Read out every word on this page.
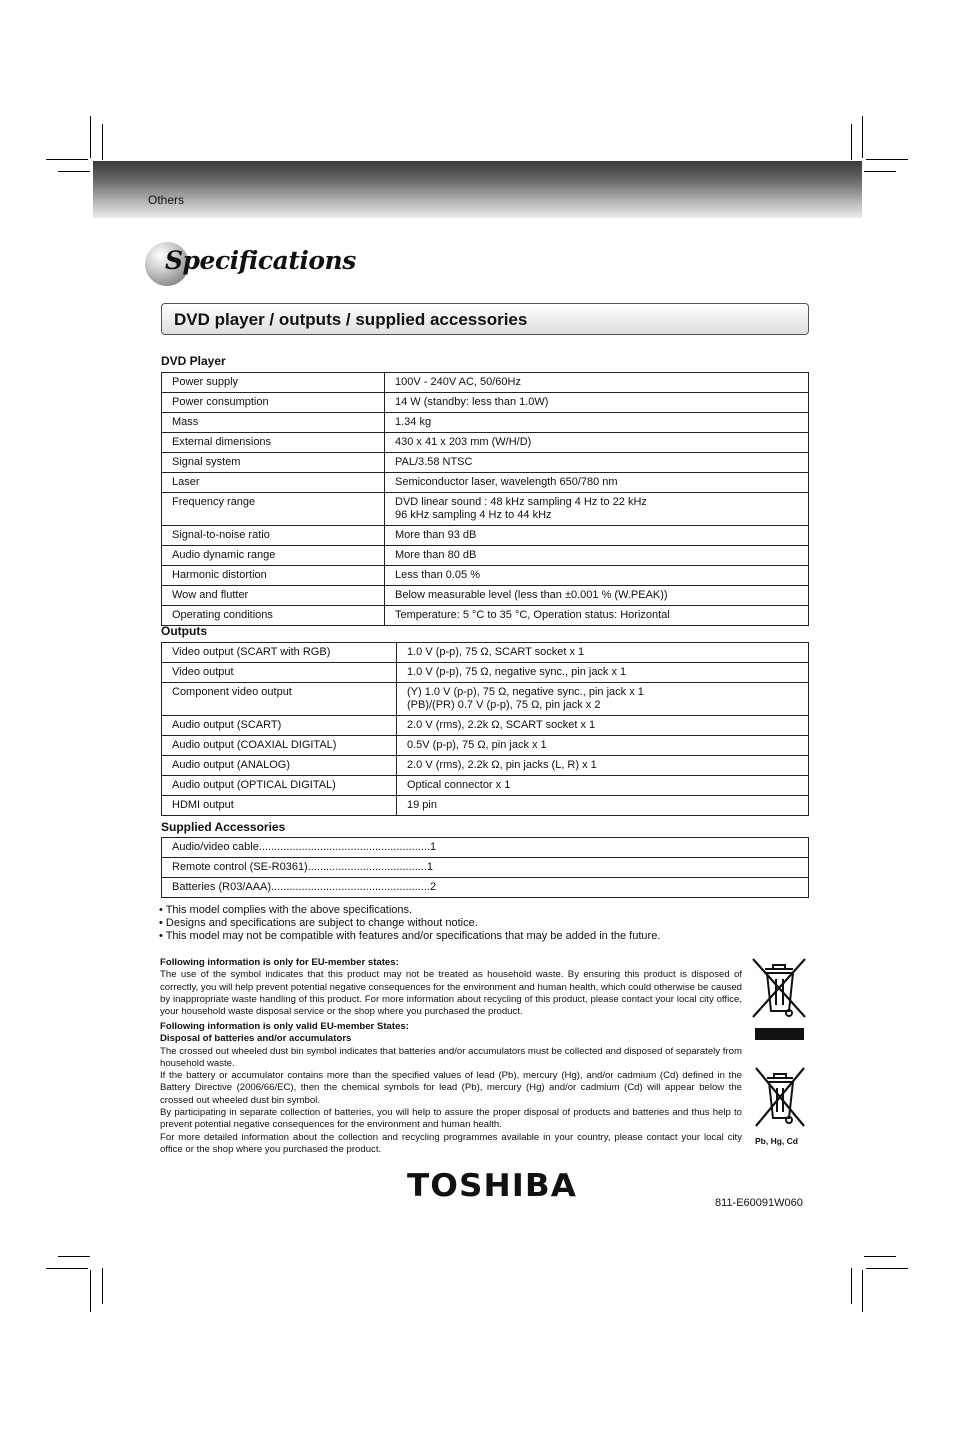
Others
Specifications
DVD player / outputs / supplied accessories
DVD Player
Power supply	100V - 240V AC, 50/60Hz

Power consumption	14 W (standby: less than 1.0W)

Mass	1.34 kg

External dimensions	430 x 41 x 203 mm (W/H/D)

Signal system	PAL/3.58 NTSC

Laser	Semiconductor laser, wavelength 650/780 nm

Frequency range	DVD linear sound : 48 kHz sampling 4 Hz to 22 kHz
96 kHz sampling 4 Hz to 44 kHz

Signal-to-noise ratio	More than 93 dB

Audio dynamic range	More than 80 dB

Harmonic distortion	Less than 0.05 %

Wow and flutter	Below measurable level (less than ±0.001 % (W.PEAK))

Operating conditions	Temperature: 5 °C to 35 °C, Operation status: Horizontal
Outputs
Video output (SCART with RGB)	1.0 V (p-p), 75 Ω, SCART socket x 1

Video output	1.0 V (p-p), 75 Ω, negative sync., pin jack x 1

Component video output	(Y) 1.0 V (p-p), 75 Ω, negative sync., pin jack x 1
(PB)/(PR) 0.7 V (p-p), 75 Ω, pin jack x 2

Audio output (SCART)	2.0 V (rms), 2.2k Ω, SCART socket x 1

Audio output (COAXIAL DIGITAL)	0.5V (p-p), 75 Ω, pin jack x 1

Audio output (ANALOG)	2.0 V (rms), 2.2k Ω, pin jacks (L, R) x 1

Audio output (OPTICAL DIGITAL)	Optical connector x 1

HDMI output	19 pin
Supplied Accessories
Audio/video cable........................................................1
Remote control (SE-R0361).......................................1
Batteries (R03/AAA)....................................................2
• This model complies with the above specifications.
• Designs and specifications are subject to change without notice.
• This model may not be compatible with features and/or specifications that may be added in the future.
Following information is only for EU-member states:
The use of the symbol indicates that this product may not be treated as household waste. By ensuring this product is disposed of correctly, you will help prevent potential negative consequences for the environment and human health, which could otherwise be caused by inappropriate waste handling of this product. For more information about recycling of this product, please contact your local city office, your household waste disposal service or the shop where you purchased the product.
Following information is only valid EU-member States:
Disposal of batteries and/or accumulators
The crossed out wheeled dust bin symbol indicates that batteries and/or accumulators must be collected and disposed of separately from household waste.
If the battery or accumulator contains more than the specified values of lead (Pb), mercury (Hg), and/or cadmium (Cd) defined in the Battery Directive (2006/66/EC), then the chemical symbols for lead (Pb), mercury (Hg) and/or cadmium (Cd) will appear below the crossed out wheeled dust bin symbol.
By participating in separate collection of batteries, you will help to assure the proper disposal of products and batteries and thus help to prevent potential negative consequences for the environment and human health.
For more detailed information about the collection and recycling programmes available in your country, please contact your local city office or the shop where you purchased the product.
Pb, Hg, Cd
TOSHIBA	811-E60091W060
